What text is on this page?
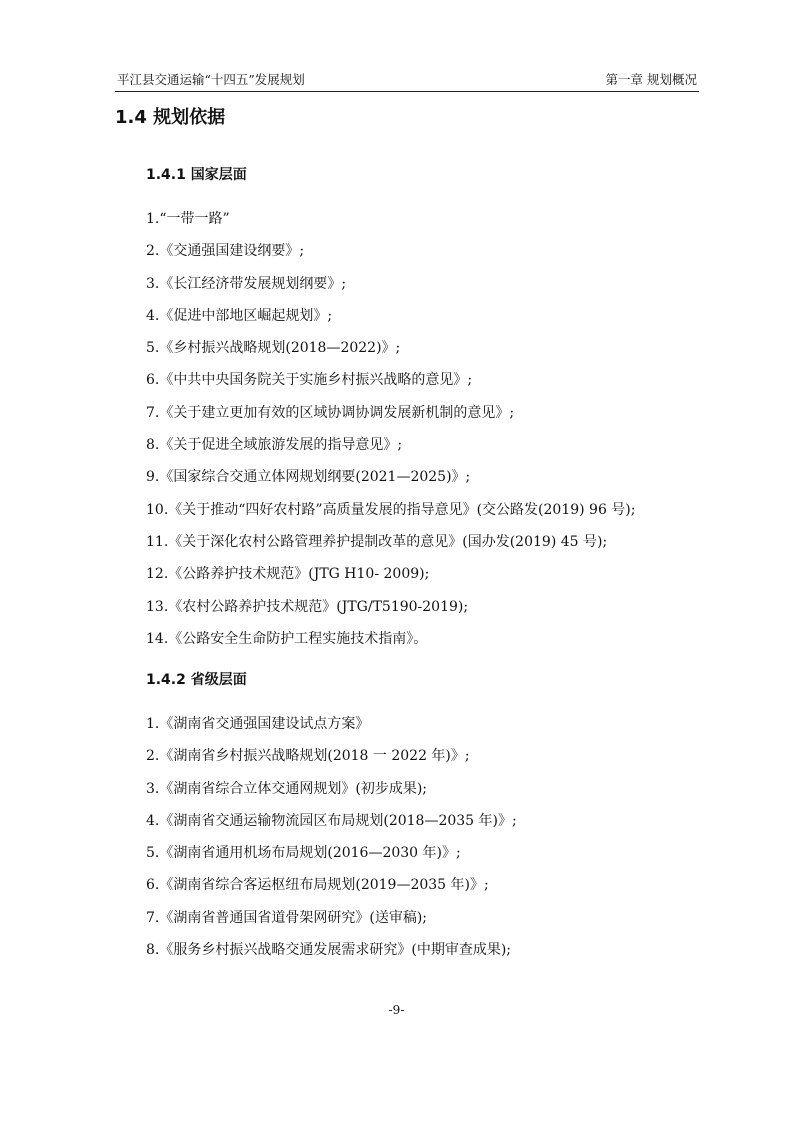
平江县交通运输“十四五”发展规划	第一章 规划概况
1.4 规划依据
1.4.1 国家层面
1.“一带一路”
2.《交通强国建设纲要》;
3.《长江经济带发展规划纲要》;
4.《促进中部地区崛起规划》;
5.《乡村振兴战略规划(2018—2022)》;
6.《中共中央国务院关于实施乡村振兴战略的意见》;
7.《关于建立更加有效的区域协调协调发展新机制的意见》;
8.《关于促进全域旅游发展的指导意见》;
9.《国家综合交通立体网规划纲要(2021—2025)》;
10.《关于推动“四好农村路”高质量发展的指导意见》(交公路发(2019) 96 号);
11.《关于深化农村公路管理养护提制改革的意见》(国办发(2019) 45 号);
12.《公路养护技术规范》(JTG H10- 2009);
13.《农村公路养护技术规范》(JTG/T5190-2019);
14.《公路安全生命防护工程实施技术指南》。
1.4.2 省级层面
1.《湖南省交通强国建设试点方案》
2.《湖南省乡村振兴战略规划(2018 一 2022 年)》;
3.《湖南省综合立体交通网规划》(初步成果);
4.《湖南省交通运输物流园区布局规划(2018—2035 年)》;
5.《湖南省通用机场布局规划(2016—2030 年)》;
6.《湖南省综合客运枢纽布局规划(2019—2035 年)》;
7.《湖南省普通国省道骨架网研究》(送审稿);
8.《服务乡村振兴战略交通发展需求研究》(中期审查成果);
-9-
